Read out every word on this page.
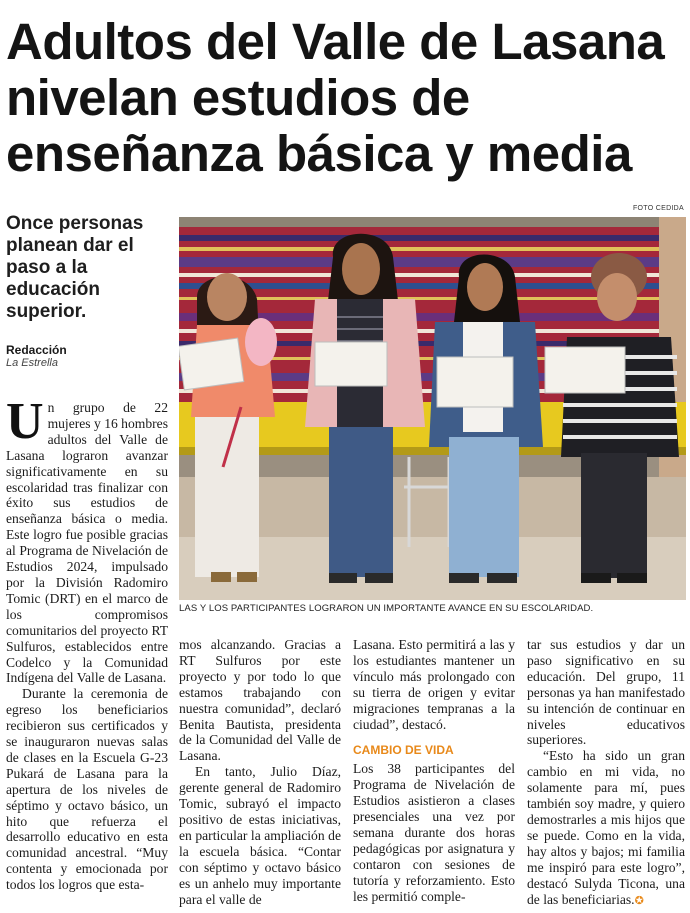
Adultos del Valle de Lasana nivelan estudios de enseñanza básica y media
FOTO CEDIDA
Once personas planean dar el paso a la educación superior.
Redacción
La Estrella
LAS Y LOS PARTICIPANTES LOGRARON UN IMPORTANTE AVANCE EN SU ESCOLARIDAD.

Un grupo de 22 mujeres y 16 hombres adultos del Valle de Lasana lograron avanzar significativamente en su escolaridad tras finalizar con éxito sus estudios de enseñanza básica o media. Este logro fue posible gracias al Programa de Nivelación de Estudios 2024, impulsado por la División Radomiro Tomic (DRT) en el marco de los compromisos comunitarios del proyecto RT Sulfuros, establecidos entre Codelco y la Comunidad Indígena del Valle de Lasana.

Durante la ceremonia de egreso los beneficiarios recibieron sus certificados y se inauguraron nuevas salas de clases en la Escuela G-23 Pukará de Lasana para la apertura de los niveles de séptimo y octavo básico, un hito que refuerza el desarrollo educativo en esta comunidad ancestral. “Muy contenta y emocionada por todos los logros que esta-

mos alcanzando. Gracias a RT Sulfuros por este proyecto y por todo lo que estamos trabajando con nuestra comunidad”, declaró Benita Bautista, presidenta de la Comunidad del Valle de Lasana.

En tanto, Julio Díaz, gerente general de Radomiro Tomic, subrayó el impacto positivo de estas iniciativas, en particular la ampliación de la escuela básica. “Contar con séptimo y octavo básico es un anhelo muy importante para el valle de

Lasana. Esto permitirá a las y los estudiantes mantener un vínculo más prolongado con su tierra de origen y evitar migraciones tempranas a la ciudad”, destacó.

CAMBIO DE VIDA

Los 38 participantes del Programa de Nivelación de Estudios asistieron a clases presenciales una vez por semana durante dos horas pedagógicas por asignatura y contaron con sesiones de tutoría y reforzamiento. Esto les permitió comple-

tar sus estudios y dar un paso significativo en su educación. Del grupo, 11 personas ya han manifestado su intención de continuar en niveles educativos superiores.

“Esto ha sido un gran cambio en mi vida, no solamente para mí, pues también soy madre, y quiero demostrarles a mis hijos que se puede. Como en la vida, hay altos y bajos; mi familia me inspiró para este logro”, destacó Sulyda Ticona, una de las beneficiarias.✪
